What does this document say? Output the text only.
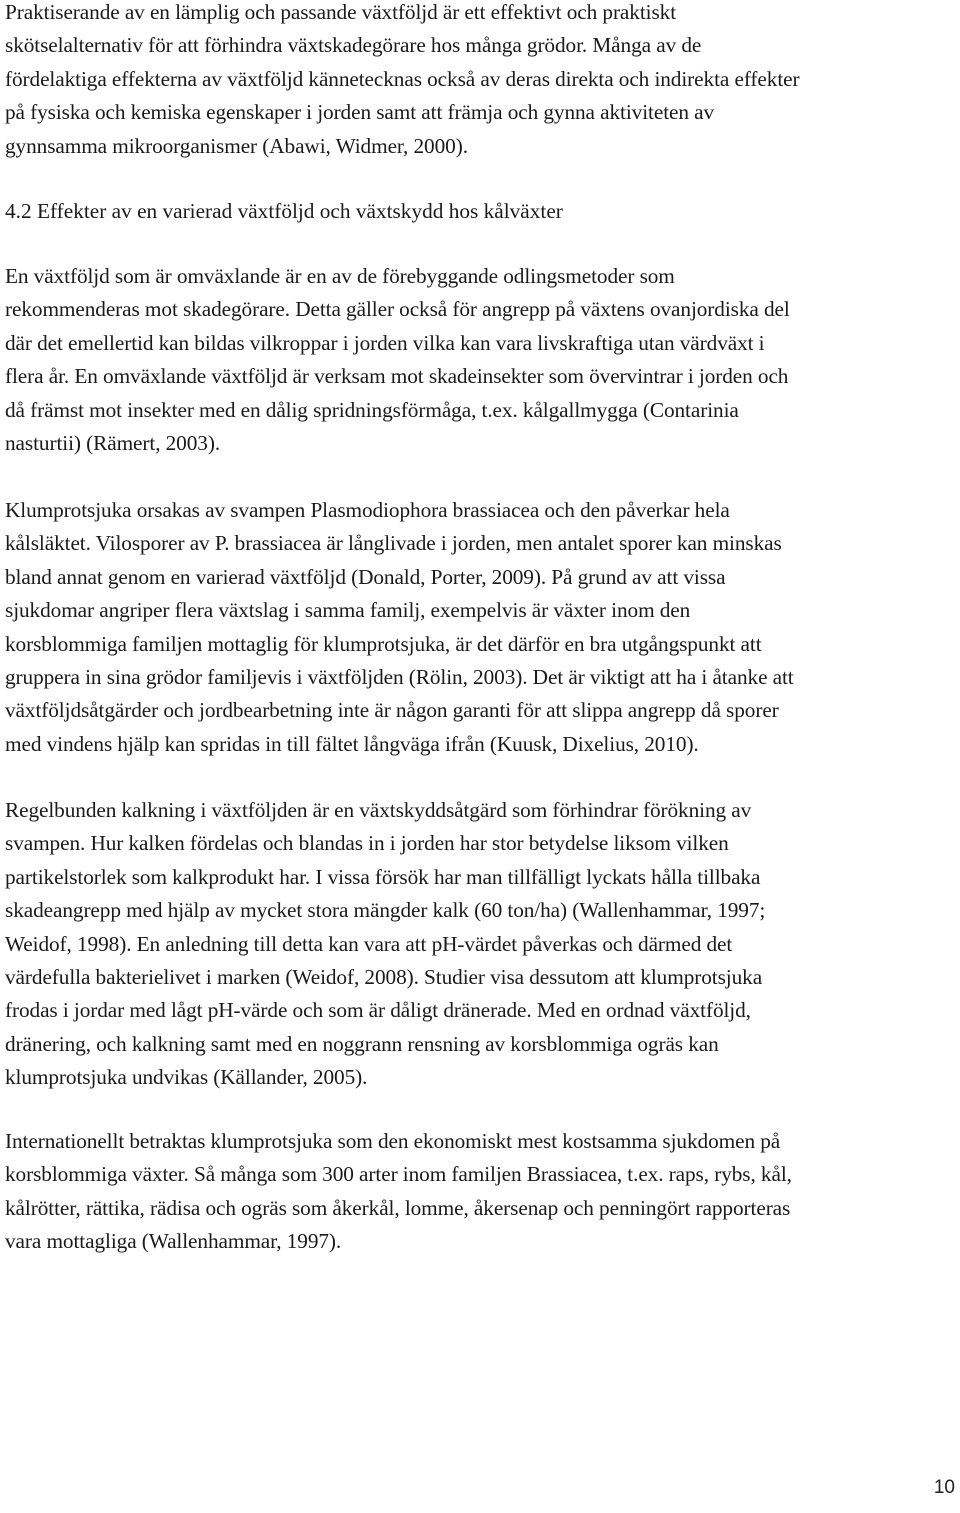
Praktiserande av en lämplig och passande växtföljd är ett effektivt och praktiskt
skötselalternativ för att förhindra växtskadegörare hos många grödor. Många av de
fördelaktiga effekterna av växtföljd kännetecknas också av deras direkta och indirekta effekter
på fysiska och kemiska egenskaper i jorden samt att främja och gynna aktiviteten av
gynnsamma mikroorganismer (Abawi, Widmer, 2000).

4.2 Effekter av en varierad växtföljd och växtskydd hos kålväxter

En växtföljd som är omväxlande är en av de förebyggande odlingsmetoder som
rekommenderas mot skadegörare. Detta gäller också för angrepp på växtens ovanjordiska del
där det emellertid kan bildas vilkroppar i jorden vilka kan vara livskraftiga utan värdväxt i
flera år. En omväxlande växtföljd är verksam mot skadeinsekter som övervintrar i jorden och
då främst mot insekter med en dålig spridningsförmåga, t.ex. kålgallmygga (Contarinia
nasturtii) (Rämert, 2003).

Klumprotsjuka orsakas av svampen Plasmodiophora brassiacea och den påverkar hela
kålsläktet. Vilosporer av P. brassiacea är långlivade i jorden, men antalet sporer kan minskas
bland annat genom en varierad växtföljd (Donald, Porter, 2009). På grund av att vissa
sjukdomar angriper flera växtslag i samma familj, exempelvis är växter inom den
korsblommiga familjen mottaglig för klumprotsjuka, är det därför en bra utgångspunkt att
gruppera in sina grödor familjevis i växtföljden (Rölin, 2003). Det är viktigt att ha i åtanke att
växtföljdsåtgärder och jordbearbetning inte är någon garanti för att slippa angrepp då sporer
med vindens hjälp kan spridas in till fältet långväga ifrån (Kuusk, Dixelius, 2010).

Regelbunden kalkning i växtföljden är en växtskyddsåtgärd som förhindrar förökning av
svampen. Hur kalken fördelas och blandas in i jorden har stor betydelse liksom vilken
partikelstorlek som kalkprodukt har. I vissa försök har man tillfälligt lyckats hålla tillbaka
skadeangrepp med hjälp av mycket stora mängder kalk (60 ton/ha) (Wallenhammar, 1997;
Weidof, 1998). En anledning till detta kan vara att pH-värdet påverkas och därmed det
värdefulla bakterielivet i marken (Weidof, 2008). Studier visa dessutom att klumprotsjuka
frodas i jordar med lågt pH-värde och som är dåligt dränerade. Med en ordnad växtföljd,
dränering, och kalkning samt med en noggrann rensning av korsblommiga ogräs kan
klumprotsjuka undvikas (Källander, 2005).

Internationellt betraktas klumprotsjuka som den ekonomiskt mest kostsamma sjukdomen på
korsblommiga växter. Så många som 300 arter inom familjen Brassiacea, t.ex. raps, rybs, kål,
kålrötter, rättika, rädisa och ogräs som åkerkål, lomme, åkersenap och penningört rapporteras
vara mottagliga (Wallenhammar, 1997).

10
